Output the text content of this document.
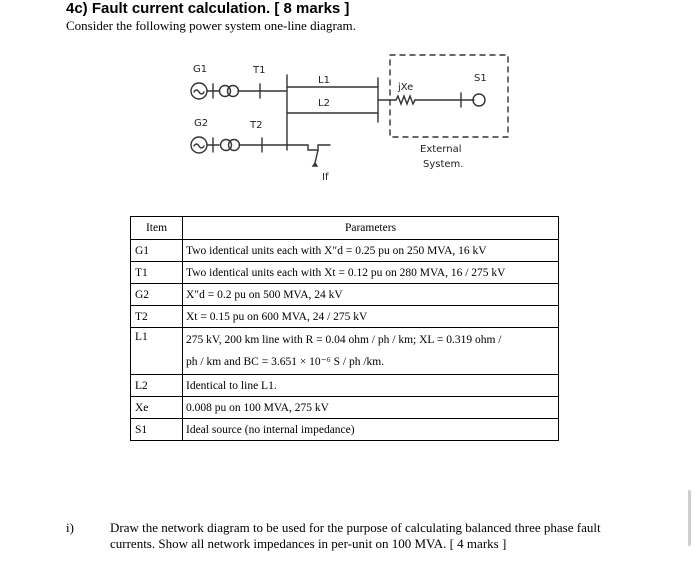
4c) Fault current calculation. [ 8 marks ]
Consider the following power system one-line diagram.
G1	T1
G2	T2
L1
L2
jXe
S1
If
External
System.
Item	Parameters
G1	Two identical units each with X″d = 0.25 pu on 250 MVA, 16 kV
T1	Two identical units each with Xt = 0.12 pu on 280 MVA, 16 / 275 kV
G2	X″d = 0.2 pu on 500 MVA, 24 kV
T2	Xt = 0.15 pu on 600 MVA, 24 / 275 kV
L1	275 kV, 200 km line with R = 0.04 ohm / ph / km; XL = 0.319 ohm /
ph / km and BC = 3.651 × 10⁻⁶ S / ph /km.

L2	Identical to line L1.
Xe	0.008 pu on 100 MVA, 275 kV
S1	Ideal source (no internal impedance)
i)	Draw the network diagram to be used for the purpose of calculating balanced three phase fault currents. Show all network impedances in per-unit on 100 MVA. [ 4 marks ]
